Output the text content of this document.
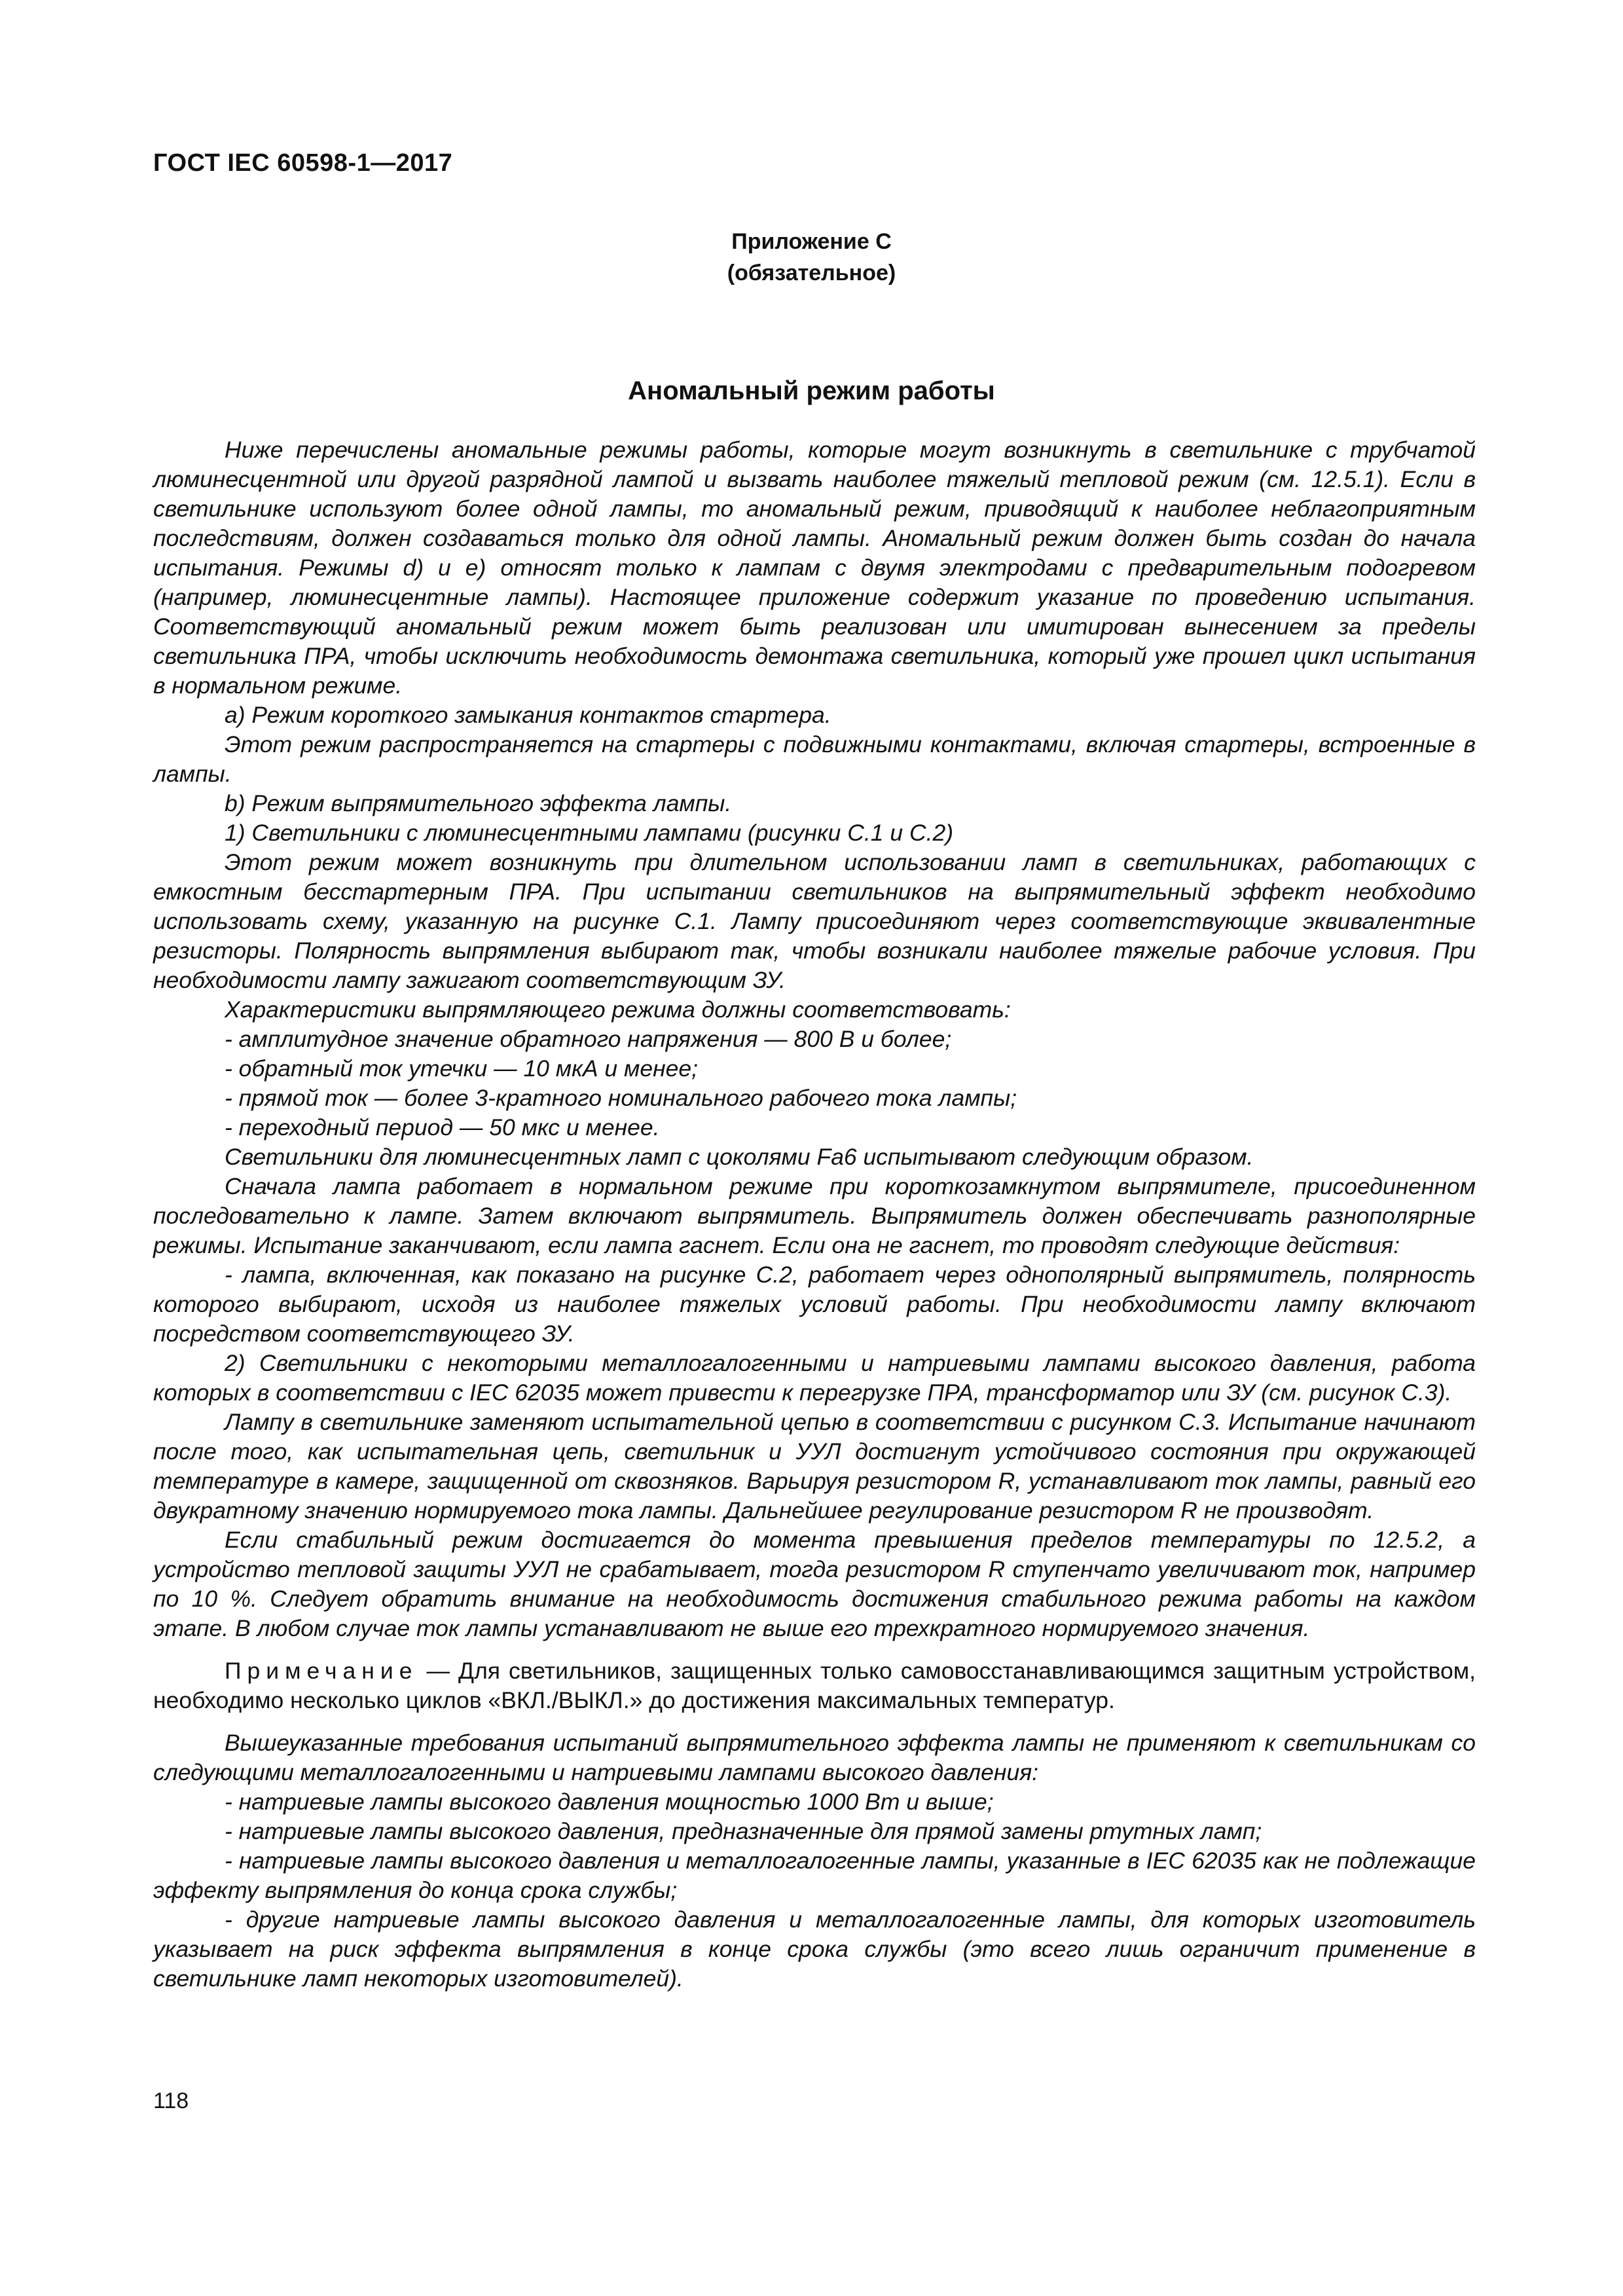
ГОСТ IEC 60598-1—2017
Приложение С
(обязательное)
Аномальный режим работы

Ниже перечислены аномальные режимы работы, которые могут возникнуть в светильнике с трубчатой люминесцентной или другой разрядной лампой и вызвать наиболее тяжелый тепловой режим (см. 12.5.1). Если в светильнике используют более одной лампы, то аномальный режим, приводящий к наиболее неблагоприятным последствиям, должен создаваться только для одной лампы. Аномальный режим должен быть создан до начала испытания. Режимы d) и e) относят только к лампам с двумя электродами с предварительным подогревом (например, люминесцентные лампы). Настоящее приложение содержит указание по проведению испытания. Соответствующий аномальный режим может быть реализован или имитирован вынесением за пределы светильника ПРА, чтобы исключить необходимость демонтажа светильника, который уже прошел цикл испытания в нормальном режиме.

a) Режим короткого замыкания контактов стартера.

Этот режим распространяется на стартеры с подвижными контактами, включая стартеры, встроенные в лампы.

b) Режим выпрямительного эффекта лампы.

1) Светильники с люминесцентными лампами (рисунки С.1 и С.2)

Этот режим может возникнуть при длительном использовании ламп в светильниках, работающих с емкостным бесстартерным ПРА. При испытании светильников на выпрямительный эффект необходимо использовать схему, указанную на рисунке С.1. Лампу присоединяют через соответствующие эквивалентные резисторы. Полярность выпрямления выбирают так, чтобы возникали наиболее тяжелые рабочие условия. При необходимости лампу зажигают соответствующим ЗУ.

Характеристики выпрямляющего режима должны соответствовать:

- амплитудное значение обратного напряжения — 800 В и более;

- обратный ток утечки — 10 мкА и менее;

- прямой ток — более 3-кратного номинального рабочего тока лампы;

- переходный период — 50 мкс и менее.

Светильники для люминесцентных ламп с цоколями Fa6 испытывают следующим образом.

Сначала лампа работает в нормальном режиме при короткозамкнутом выпрямителе, присоединенном последовательно к лампе. Затем включают выпрямитель. Выпрямитель должен обеспечивать разнополярные режимы. Испытание заканчивают, если лампа гаснет. Если она не гаснет, то проводят следующие действия:

- лампа, включенная, как показано на рисунке С.2, работает через однополярный выпрямитель, полярность которого выбирают, исходя из наиболее тяжелых условий работы. При необходимости лампу включают посредством соответствующего ЗУ.

2) Светильники с некоторыми металлогалогенными и натриевыми лампами высокого давления, работа которых в соответствии с IEC 62035 может привести к перегрузке ПРА, трансформатор или ЗУ (см. рисунок С.3).

Лампу в светильнике заменяют испытательной цепью в соответствии с рисунком С.3. Испытание начинают после того, как испытательная цепь, светильник и УУЛ достигнут устойчивого состояния при окружающей температуре в камере, защищенной от сквозняков. Варьируя резистором R, устанавливают ток лампы, равный его двукратному значению нормируемого тока лампы. Дальнейшее регулирование резистором R не производят.

Если стабильный режим достигается до момента превышения пределов температуры по 12.5.2, а устройство тепловой защиты УУЛ не срабатывает, тогда резистором R ступенчато увеличивают ток, например по 10 %. Следует обратить внимание на необходимость достижения стабильного режима работы на каждом этапе. В любом случае ток лампы устанавливают не выше его трехкратного нормируемого значения.

Примечание — Для светильников, защищенных только самовосстанавливающимся защитным устройством, необходимо несколько циклов «ВКЛ./ВЫКЛ.» до достижения максимальных температур.

Вышеуказанные требования испытаний выпрямительного эффекта лампы не применяют к светильникам со следующими металлогалогенными и натриевыми лампами высокого давления:

- натриевые лампы высокого давления мощностью 1000 Вт и выше;

- натриевые лампы высокого давления, предназначенные для прямой замены ртутных ламп;

- натриевые лампы высокого давления и металлогалогенные лампы, указанные в IEC 62035 как не подлежащие эффекту выпрямления до конца срока службы;

- другие натриевые лампы высокого давления и металлогалогенные лампы, для которых изготовитель указывает на риск эффекта выпрямления в конце срока службы (это всего лишь ограничит применение в светильнике ламп некоторых изготовителей).

118
